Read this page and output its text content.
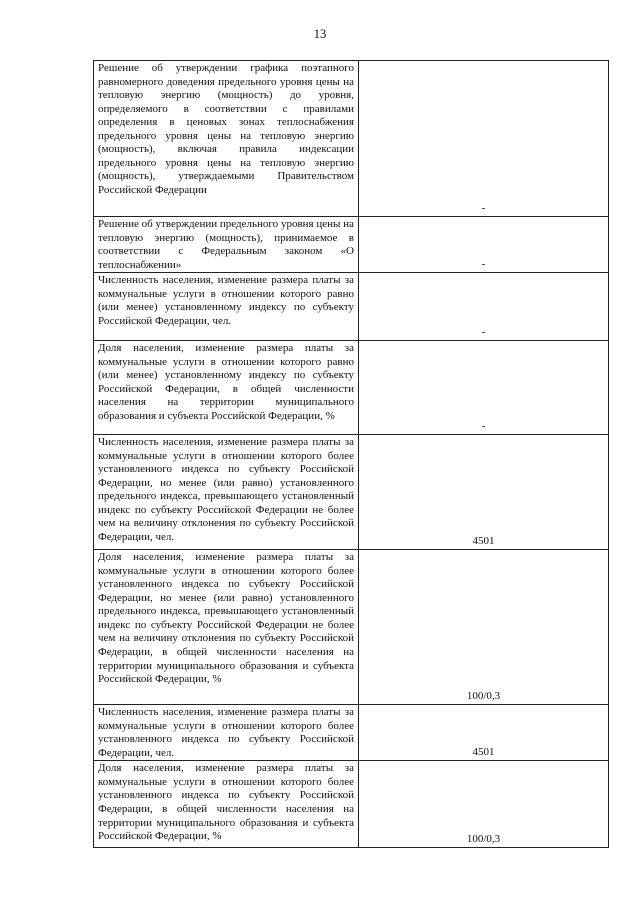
13
Решение об утверждении графика поэтапного равномерного доведения предельного уровня цены на тепловую энергию (мощность) до уровня, определяемого в соответствии с правилами определения в ценовых зонах теплоснабжения предельного уровня цены на тепловую энергию (мощность), включая правила индексации предельного уровня цены на тепловую энергию (мощность), утверждаемыми Правительством Российской Федерации	-

Решение об утверждении предельного уровня цены на тепловую энергию (мощность), принимаемое в соответствии с Федеральным законом «О теплоснабжении»	-

Численность населения, изменение размера платы за коммунальные услуги в отношении которого равно (или менее) установленному индексу по субъекту Российской Федерации, чел.	-

Доля населения, изменение размера платы за коммунальные услуги в отношении которого равно (или менее) установленному индексу по субъекту Российской Федерации, в общей численности населения на территории муниципального образования и субъекта Российской Федерации, %	-

Численность населения, изменение размера платы за коммунальные услуги в отношении которого более установленного индекса по субъекту Российской Федерации, но менее (или равно) установленного предельного индекса, превышающего установленный индекс по субъекту Российской Федерации не более чем на величину отклонения по субъекту Российской Федерации, чел.	4501

Доля населения, изменение размера платы за коммунальные услуги в отношении которого более установленного индекса по субъекту Российской Федерации, но менее (или равно) установленного предельного индекса, превышающего установленный индекс по субъекту Российской Федерации не более чем на величину отклонения по субъекту Российской Федерации, в общей численности населения на территории муниципального образования и субъекта Российской Федерации, %	100/0,3

Численность населения, изменение размера платы за коммунальные услуги в отношении которого более установленного индекса по субъекту Российской Федерации, чел.	4501

Доля населения, изменение размера платы за коммунальные услуги в отношении которого более установленного индекса по субъекту Российской Федерации, в общей численности населения на территории муниципального образования и субъекта Российской Федерации, %	100/0,3
